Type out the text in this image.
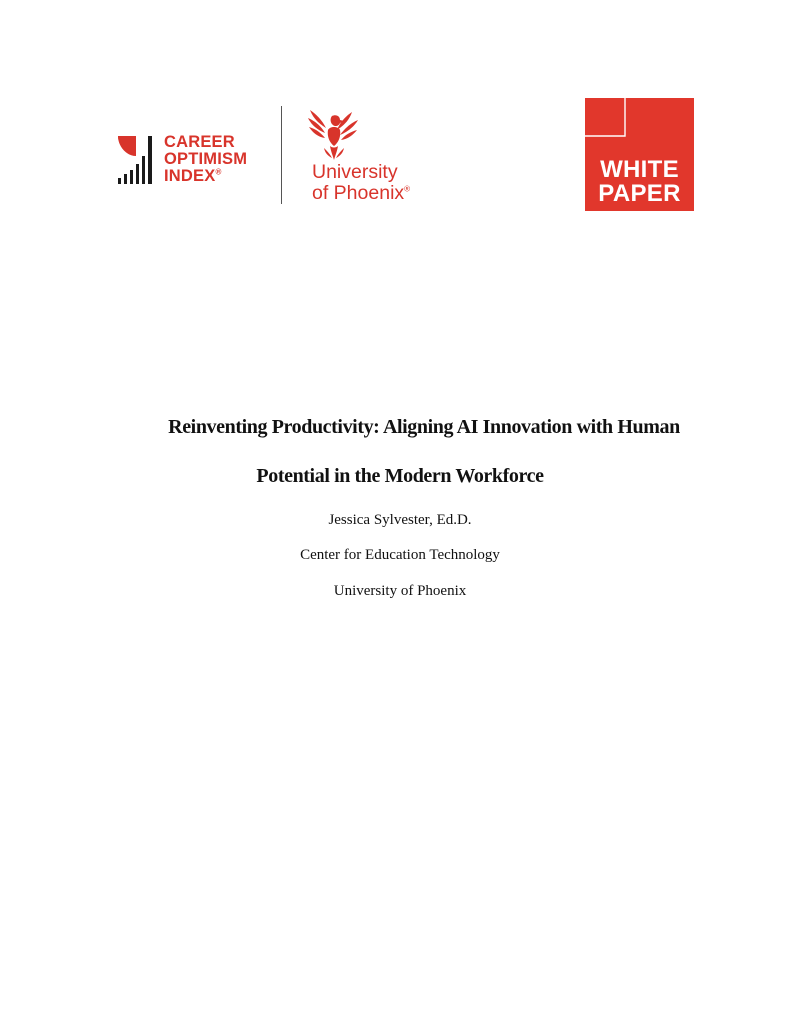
CAREER
OPTIMISM
INDEX®	University
of Phoenix®
WHITE
PAPER
Reinventing Productivity: Aligning AI Innovation with Human
Potential in the Modern Workforce
Jessica Sylvester, Ed.D.
Center for Education Technology
University of Phoenix
